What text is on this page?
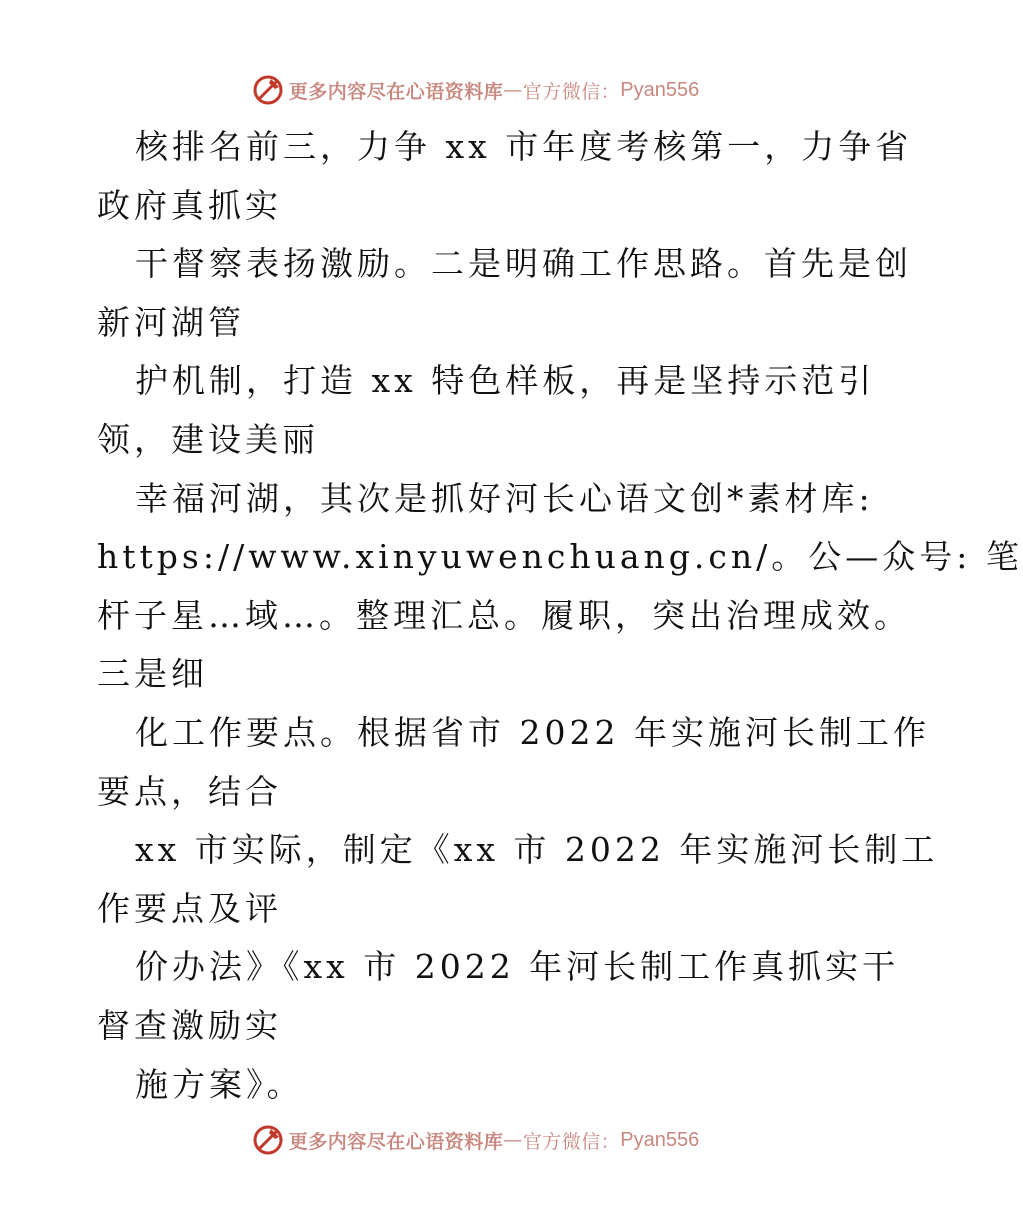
更多内容尽在心语资料库 — 官方微信： Pyan556
核排名前三，力争 xx 市年度考核第一，力争省
政府真抓实
干督察表扬激励。二是明确工作思路。首先是创
新河湖管
护机制，打造 xx 特色样板，再是坚持示范引
领，建设美丽
幸福河湖，其次是抓好河长心语文创*素材库:
https://www.xinyuwenchuang.cn/。公—众号: 笔
杆子星…域…。整理汇总。履职，突出治理成效。
三是细
化工作要点。根据省市 2022 年实施河长制工作
要点，结合
xx 市实际，制定《xx 市 2022 年实施河长制工
作要点及评
价办法》《xx 市 2022 年河长制工作真抓实干
督查激励实
施方案》。
更多内容尽在心语资料库 — 官方微信： Pyan556
